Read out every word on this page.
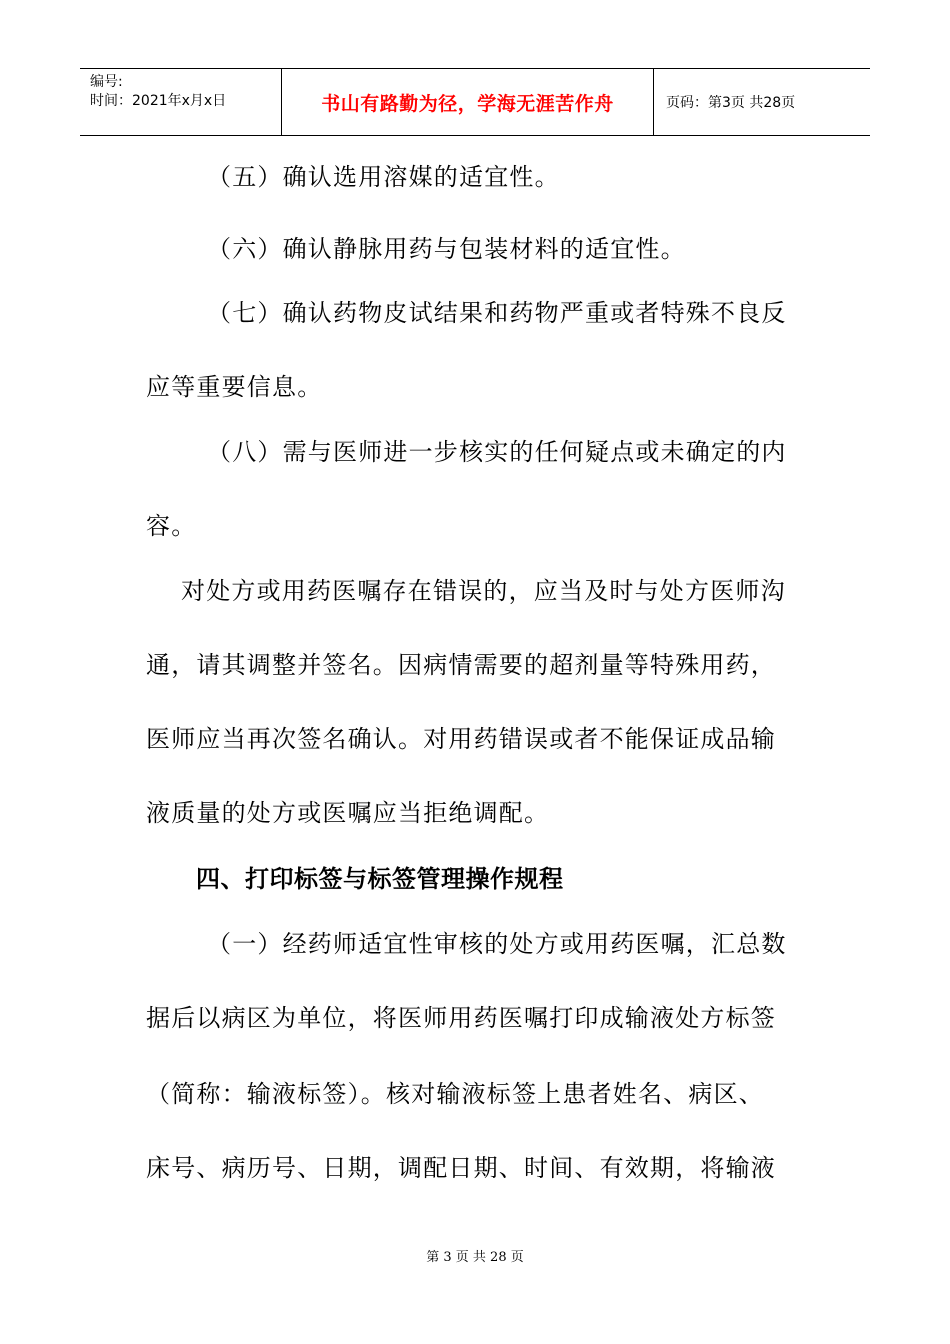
编号:
时间：2021年x月x日	书山有路勤为径，学海无涯苦作舟	页码：第3页 共28页
（五）确认选用溶媒的适宜性。
（六）确认静脉用药与包装材料的适宜性。
（七）确认药物皮试结果和药物严重或者特殊不良反
应等重要信息。
（八）需与医师进一步核实的任何疑点或未确定的内
容。
对处方或用药医嘱存在错误的，应当及时与处方医师沟
通，请其调整并签名。因病情需要的超剂量等特殊用药，
医师应当再次签名确认。对用药错误或者不能保证成品输
液质量的处方或医嘱应当拒绝调配。
四、打印标签与标签管理操作规程
（一）经药师适宜性审核的处方或用药医嘱，汇总数
据后以病区为单位，将医师用药医嘱打印成输液处方标签
（简称：输液标签）。核对输液标签上患者姓名、病区、
床号、病历号、日期，调配日期、时间、有效期，将输液
第 3 页 共 28 页
